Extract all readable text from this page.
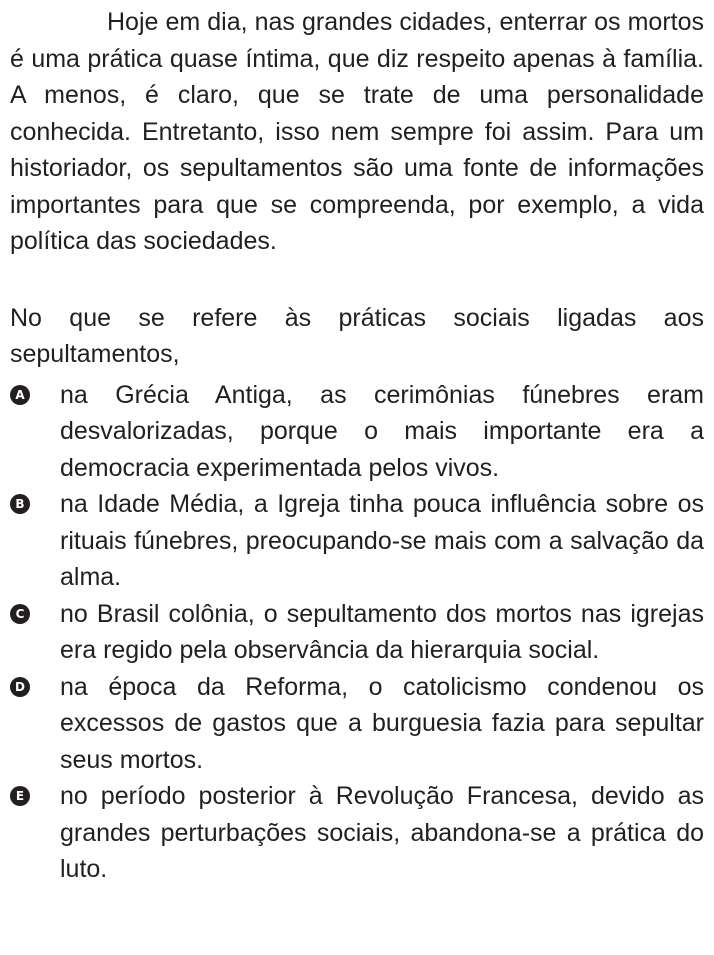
Hoje em dia, nas grandes cidades, enterrar os mortos é uma prática quase íntima, que diz respeito apenas à família. A menos, é claro, que se trate de uma personalidade conhecida. Entretanto, isso nem sempre foi assim. Para um historiador, os sepultamentos são uma fonte de informações importantes para que se compreenda, por exemplo, a vida política das sociedades.

No que se refere às práticas sociais ligadas aos sepultamentos,

A na Grécia Antiga, as cerimônias fúnebres eram desvalorizadas, porque o mais importante era a democracia experimentada pelos vivos.
B na Idade Média, a Igreja tinha pouca influência sobre os rituais fúnebres, preocupando-se mais com a salvação da alma.
C no Brasil colônia, o sepultamento dos mortos nas igrejas era regido pela observância da hierarquia social.
D na época da Reforma, o catolicismo condenou os excessos de gastos que a burguesia fazia para sepultar seus mortos.
E no período posterior à Revolução Francesa, devido as grandes perturbações sociais, abandona-se a prática do luto.
